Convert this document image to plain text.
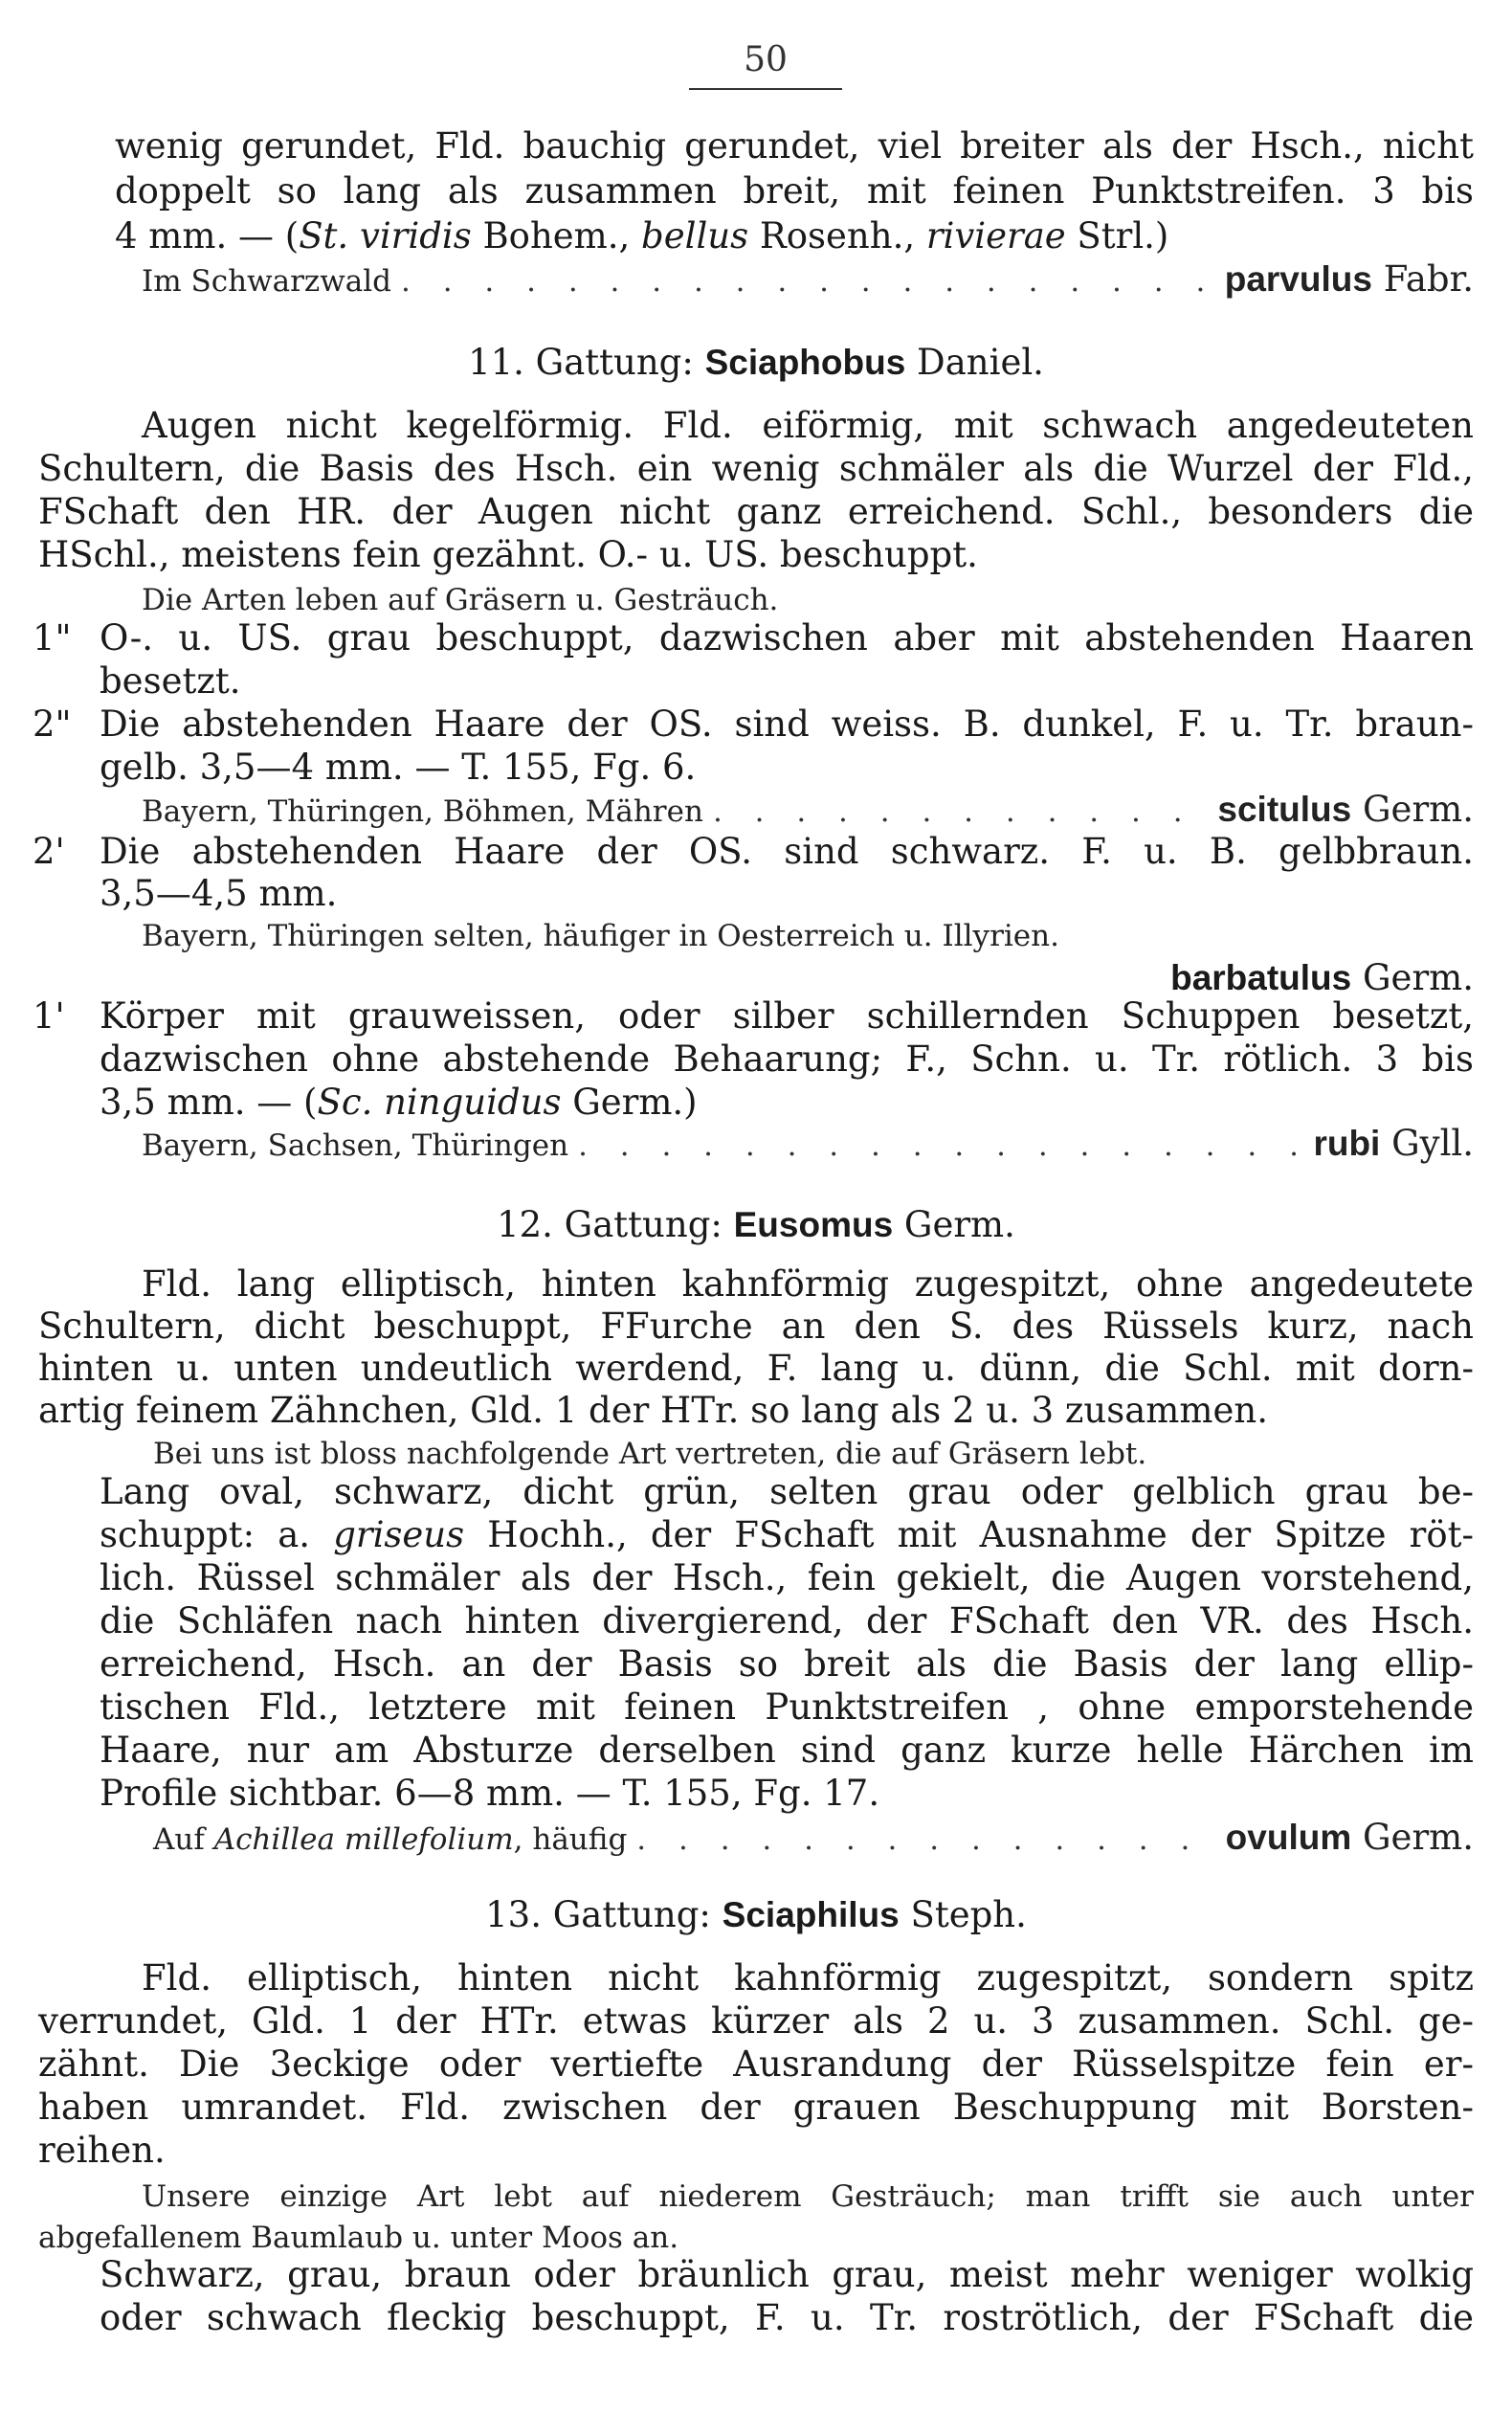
50
wenig gerundet, Fld. bauchig gerundet, viel breiter als der Hsch., nicht
doppelt so lang als zusammen breit, mit feinen Punktstreifen. 3 bis
4 mm. — (St. viridis Bohem., bellus Rosenh., rivierae Strl.)
Im Schwarzwald . . .	parvulus Fabr.
11. Gattung: Sciaphobus Daniel.
Augen nicht kegelförmig. Fld. eiförmig, mit schwach angedeuteten
Schultern, die Basis des Hsch. ein wenig schmäler als die Wurzel der Fld.,
FSchaft den HR. der Augen nicht ganz erreichend. Schl., besonders die
HSchl., meistens fein gezähnt. O.- u. US. beschuppt.
Die Arten leben auf Gräsern u. Gesträuch.
O-. u. US. grau beschuppt, dazwischen aber mit abstehenden Haaren
1"
besetzt.
2" Die abstehenden Haare der OS. sind weiss. B. dunkel, F. u. Tr. braun-
gelb. 3,5—4 mm. — T. 155, Fg. 6.
Bayern, Thüringen, Böhmen, Mähren . . .	scitulus Germ.
2' Die abstehenden Haare der OS. sind schwarz. F. u. B. gelbbraun.
3,5—4,5 mm.
Bayern, Thüringen selten, häufiger in Oesterreich u. Illyrien.
barbatulus Germ.
1' Körper mit grauweissen, oder silber schillernden Schuppen besetzt,
dazwischen ohne abstehende Behaarung; F., Schn. u. Tr. rötlich. 3 bis
3,5 mm. — (Sc. ninguidus Germ.)
Bayern, Sachsen, Thüringen . . .	rubi Gyll.
12. Gattung: Eusomus Germ.
Fld. lang elliptisch, hinten kahnförmig zugespitzt, ohne angedeutete
Schultern, dicht beschuppt, FFurche an den S. des Rüssels kurz, nach
hinten u. unten undeutlich werdend, F. lang u. dünn, die Schl. mit dorn-
artig feinem Zähnchen, Gld. 1 der HTr. so lang als 2 u. 3 zusammen.
Bei uns ist bloss nachfolgende Art vertreten, die auf Gräsern lebt.
Lang oval, schwarz, dicht grün, selten grau oder gelblich grau be-
schuppt: a. griseus Hochh., der FSchaft mit Ausnahme der Spitze röt-
lich. Rüssel schmäler als der Hsch., fein gekielt, die Augen vorstehend,
die Schläfen nach hinten divergierend, der FSchaft den VR. des Hsch.
erreichend, Hsch. an der Basis so breit als die Basis der lang ellip-
tischen Fld., letztere mit feinen Punktstreifen , ohne emporstehende
Haare, nur am Absturze derselben sind ganz kurze helle Härchen im
Profile sichtbar. 6—8 mm. — T. 155, Fg. 17.
Auf Achillea millefolium, häufig . . .	ovulum Germ.
13. Gattung: Sciaphilus Steph.
Fld. elliptisch, hinten nicht kahnförmig zugespitzt, sondern spitz
verrundet, Gld. 1 der HTr. etwas kürzer als 2 u. 3 zusammen. Schl. ge-
zähnt. Die 3eckige oder vertiefte Ausrandung der Rüsselspitze fein er-
haben umrandet. Fld. zwischen der grauen Beschuppung mit Borsten-
reihen.
Unsere einzige Art lebt auf niederem Gesträuch; man trifft sie auch unter
abgefallenem Baumlaub u. unter Moos an.
Schwarz, grau, braun oder bräunlich grau, meist mehr weniger wolkig
oder schwach fleckig beschuppt, F. u. Tr. roströtlich, der FSchaft die
